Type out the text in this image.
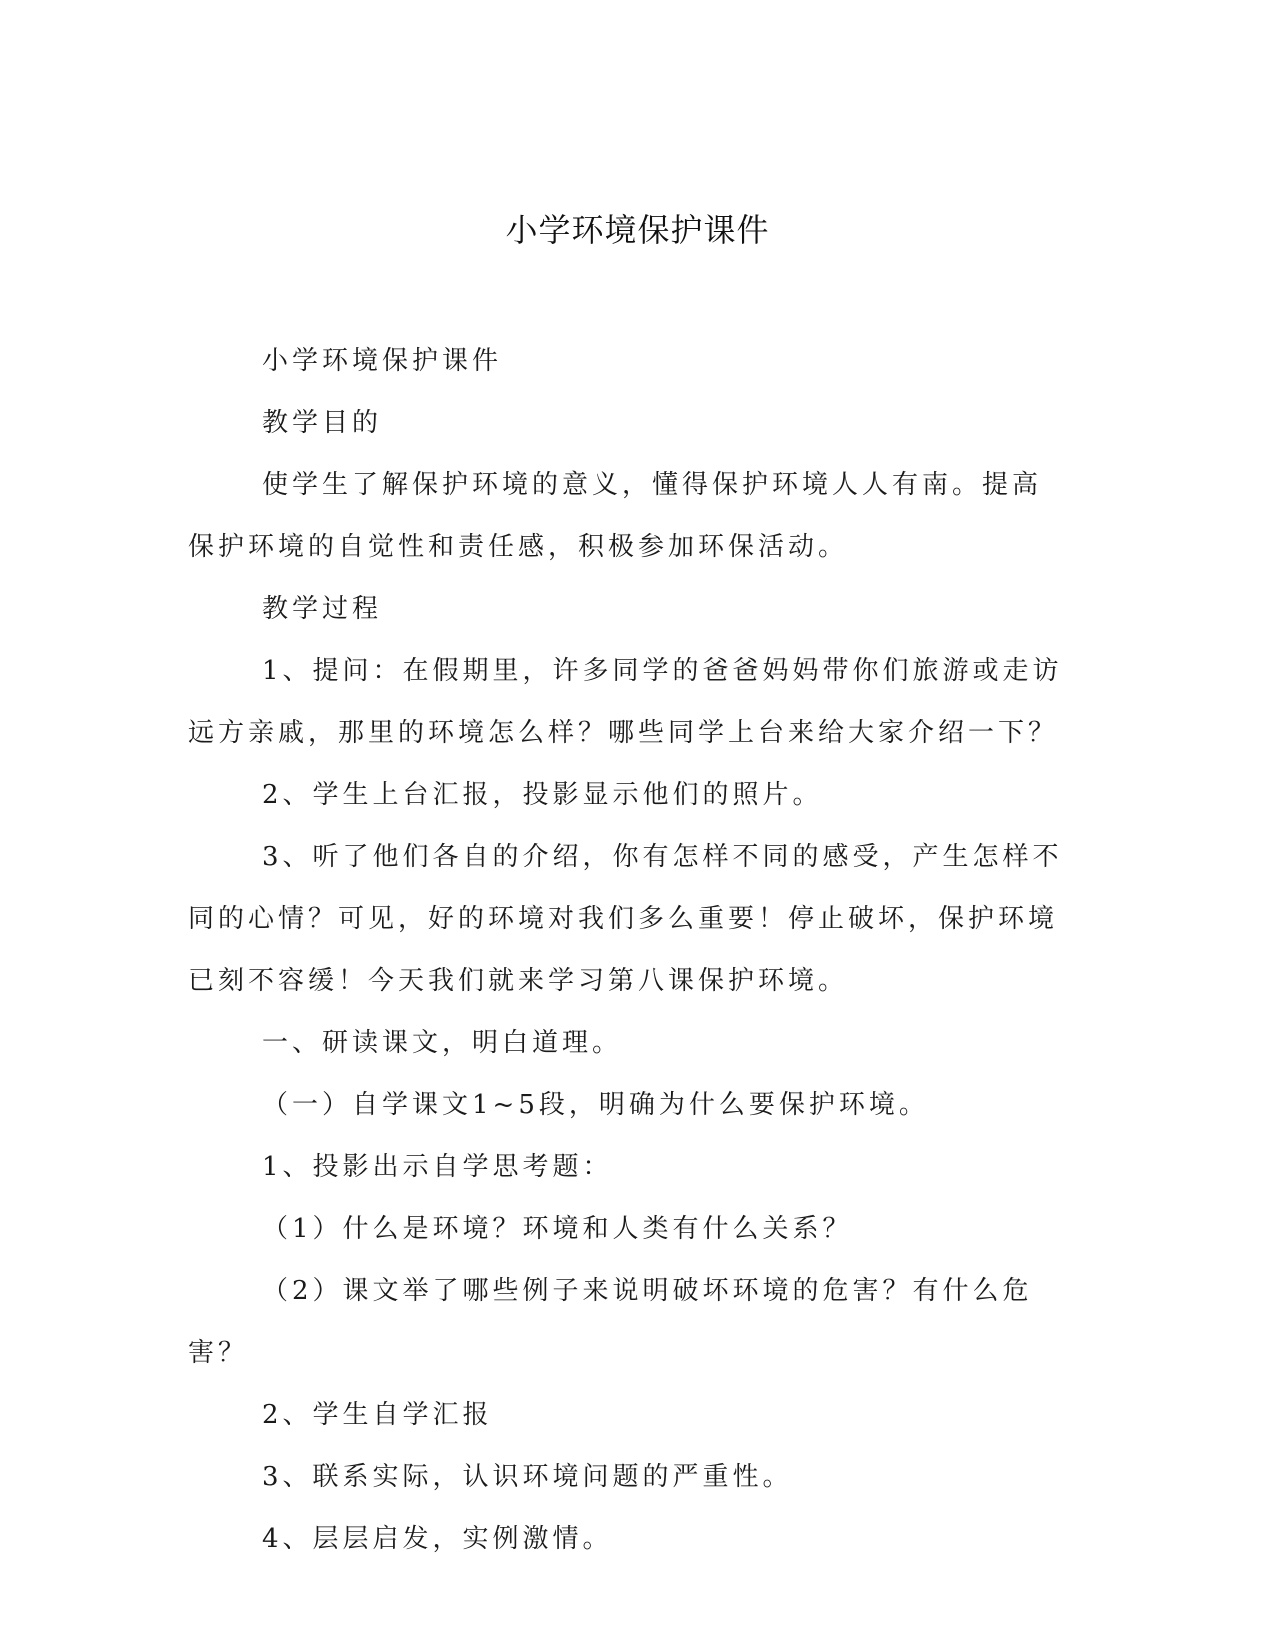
小学环境保护课件

小学环境保护课件

教学目的

使学生了解保护环境的意义，懂得保护环境人人有南。提高保护环境的自觉性和责任感，积极参加环保活动。

教学过程

1、提问：在假期里，许多同学的爸爸妈妈带你们旅游或走访远方亲戚，那里的环境怎么样？哪些同学上台来给大家介绍一下？

2、学生上台汇报，投影显示他们的照片。

3、听了他们各自的介绍，你有怎样不同的感受，产生怎样不同的心情？可见，好的环境对我们多么重要！停止破坏，保护环境已刻不容缓！今天我们就来学习第八课保护环境。

一、研读课文，明白道理。

（一）自学课文1~5段，明确为什么要保护环境。

1、投影出示自学思考题：

（1）什么是环境？环境和人类有什么关系？

（2）课文举了哪些例子来说明破坏环境的危害？有什么危害？

2、学生自学汇报

3、联系实际，认识环境问题的严重性。

4、层层启发，实例激情。
